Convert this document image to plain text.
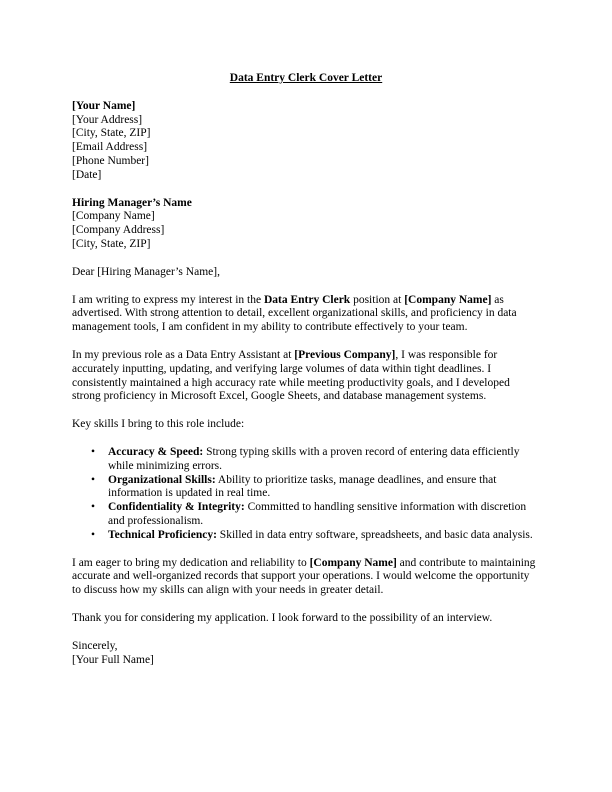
Data Entry Clerk Cover Letter
[Your Name]
[Your Address]
[City, State, ZIP]
[Email Address]
[Phone Number]
[Date]
Hiring Manager’s Name
[Company Name]
[Company Address]
[City, State, ZIP]

Dear [Hiring Manager’s Name],

I am writing to express my interest in the Data Entry Clerk position at [Company Name] as advertised. With strong attention to detail, excellent organizational skills, and proficiency in data management tools, I am confident in my ability to contribute effectively to your team.

In my previous role as a Data Entry Assistant at [Previous Company], I was responsible for accurately inputting, updating, and verifying large volumes of data within tight deadlines. I consistently maintained a high accuracy rate while meeting productivity goals, and I developed strong proficiency in Microsoft Excel, Google Sheets, and database management systems.

Key skills I bring to this role include:

• Accuracy & Speed: Strong typing skills with a proven record of entering data efficiently while minimizing errors.
• Organizational Skills: Ability to prioritize tasks, manage deadlines, and ensure that information is updated in real time.
• Confidentiality & Integrity: Committed to handling sensitive information with discretion and professionalism.
• Technical Proficiency: Skilled in data entry software, spreadsheets, and basic data analysis.

I am eager to bring my dedication and reliability to [Company Name] and contribute to maintaining accurate and well-organized records that support your operations. I would welcome the opportunity to discuss how my skills can align with your needs in greater detail.

Thank you for considering my application. I look forward to the possibility of an interview.

Sincerely,
[Your Full Name]
